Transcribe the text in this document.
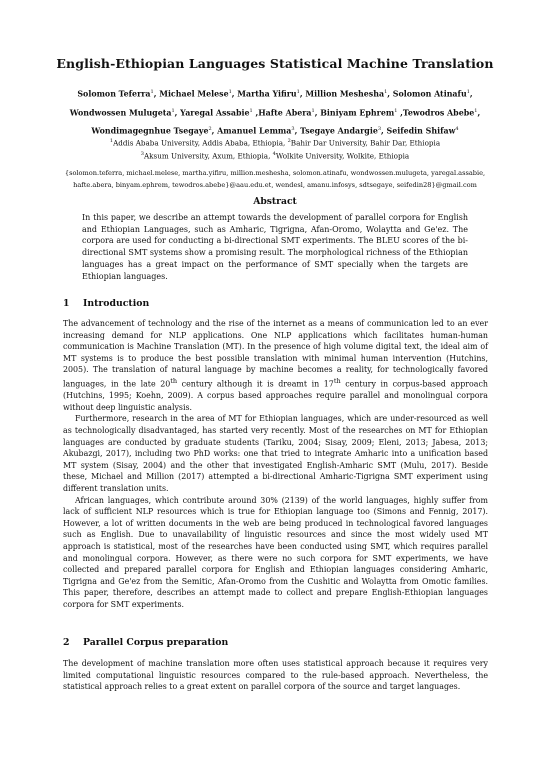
English-Ethiopian Languages Statistical Machine Translation
Solomon Teferra$^1$, Michael Melese$^1$, Martha Yifiru$^1$, Million Meshesha$^1$, Solomon Atinafu$^1$,
Wondwossen Mulugeta$^1$, Yaregal Assabie$^1$ ,Hafte Abera$^1$, Biniyam Ephrem$^1$ ,Tewodros Abebe$^1$,
Wondimagegnhue Tsegaye$^2$, Amanuel Lemma$^3$, Tsegaye Andargie$^3$, Seifedin Shifaw$^4$
$^1$Addis Ababa University, Addis Ababa, Ethiopia, $^2$Bahir Dar University, Bahir Dar, Ethiopia
$^3$Aksum University, Axum, Ethiopia, $^4$Wolkite University, Wolkite, Ethiopia
{solomon.teferra, michael.melese, martha.yifiru, million.meshesha, solomon.atinafu, wondwossen.mulugeta, yaregal.assabie,
hafte.abera, binyam.ephrem, tewodros.abebe}@aau.edu.et, wendesl, amanu.infosys, sdtsegaye, seifedin28}@gmail.com
Abstract
In this paper, we describe an attempt towards the development of parallel corpora for English and Ethiopian Languages, such as Amharic, Tigrigna, Afan-Oromo, Wolaytta and Ge'ez. The corpora are used for conducting a bi-directional SMT experiments. The BLEU scores of the bi-directional SMT systems show a promising result. The morphological richness of the Ethiopian languages has a great impact on the performance of SMT specially when the targets are Ethiopian languages.
1 Introduction

The advancement of technology and the rise of the internet as a means of communication led to an ever increasing demand for NLP applications. One NLP applications which facilitates human-human communication is Machine Translation (MT). In the presence of high volume digital text, the ideal aim of MT systems is to produce the best possible translation with minimal human intervention (Hutchins, 2005). The translation of natural language by machine becomes a reality, for technologically favored languages, in the late 20th century although it is dreamt in 17th century in corpus-based approach (Hutchins, 1995; Koehn, 2009). A corpus based approaches require parallel and monolingual corpora without deep linguistic analysis.

Furthermore, research in the area of MT for Ethiopian languages, which are under-resourced as well as technologically disadvantaged, has started very recently. Most of the researches on MT for Ethiopian languages are conducted by graduate students (Tariku, 2004; Sisay, 2009; Eleni, 2013; Jabesa, 2013; Akubazgi, 2017), including two PhD works: one that tried to integrate Amharic into a unification based MT system (Sisay, 2004) and the other that investigated English-Amharic SMT (Mulu, 2017). Beside these, Michael and Million (2017) attempted a bi-directional Amharic-Tigrigna SMT experiment using different translation units.

African languages, which contribute around 30% (2139) of the world languages, highly suffer from lack of sufficient NLP resources which is true for Ethiopian language too (Simons and Fennig, 2017). However, a lot of written documents in the web are being produced in technological favored languages such as English. Due to unavailability of linguistic resources and since the most widely used MT approach is statistical, most of the researches have been conducted using SMT, which requires parallel and monolingual corpora. However, as there were no such corpora for SMT experiments, we have collected and prepared parallel corpora for English and Ethiopian languages considering Amharic, Tigrigna and Ge'ez from the Semitic, Afan-Oromo from the Cushitic and Wolaytta from Omotic families. This paper, therefore, describes an attempt made to collect and prepare English-Ethiopian languages corpora for SMT experiments.

2 Parallel Corpus preparation

The development of machine translation more often uses statistical approach because it requires very limited computational linguistic resources compared to the rule-based approach. Nevertheless, the statistical approach relies to a great extent on parallel corpora of the source and target languages.
